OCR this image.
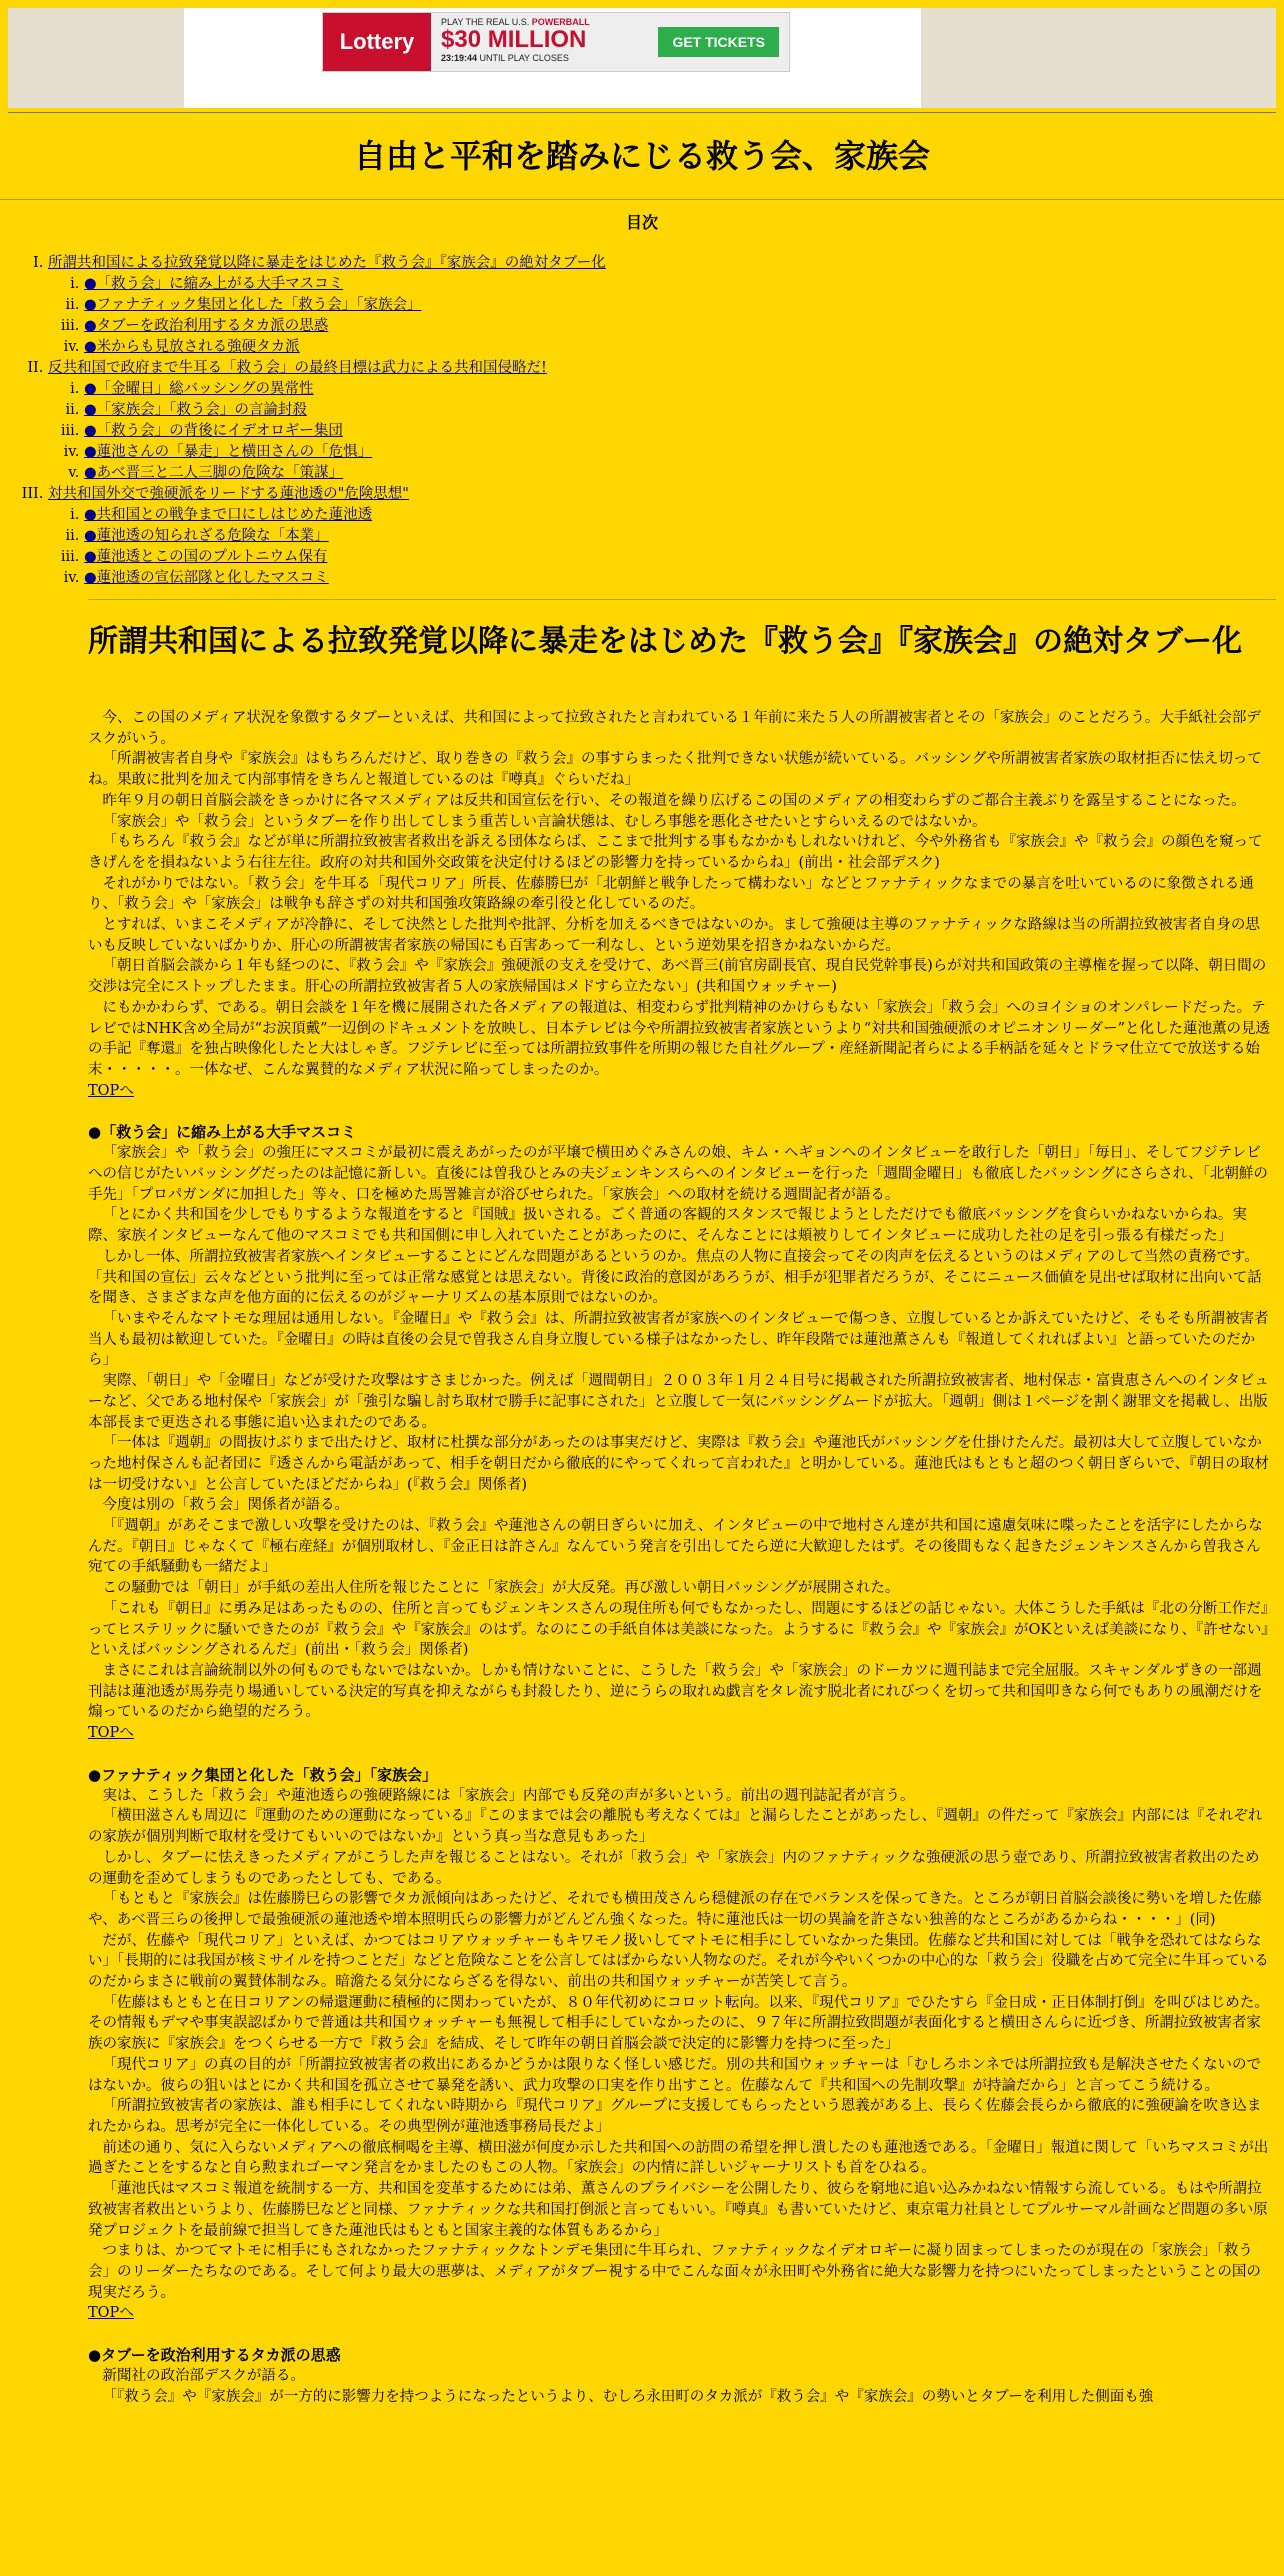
Lottery
PLAY THE REAL U.S. POWERBALL
$30 MILLION
23:19:44 UNTIL PLAY CLOSES
GET TICKETS
自由と平和を踏みにじる救う会、家族会
目次
I. 所謂共和国による拉致発覚以降に暴走をはじめた『救う会』『家族会』の絶対タブー化
i. ●「救う会」に縮み上がる大手マスコミ
ii. ●ファナティック集団と化した「救う会」「家族会」
iii. ●タブーを政治利用するタカ派の思惑
iv. ●米からも見放される強硬タカ派
II. 反共和国で政府まで牛耳る「救う会」の最終目標は武力による共和国侵略だ!
i. ●「金曜日」総バッシングの異常性
ii. ●「家族会」「救う会」の言論封殺
iii. ●「救う会」の背後にイデオロギー集団
iv. ●蓮池さんの「暴走」と横田さんの「危惧」
v. ●あべ晋三と二人三脚の危険な「策謀」
III. 対共和国外交で強硬派をリードする蓮池透の"危険思想"
i. ●共和国との戦争まで口にしはじめた蓮池透
ii. ●蓮池透の知られざる危険な「本業」
iii. ●蓮池透とこの国のプルトニウム保有
iv. ●蓮池透の宣伝部隊と化したマスコミ
所謂共和国による拉致発覚以降に暴走をはじめた『救う会』『家族会』の絶対タブー化

今、この国のメディア状況を象徴するタブーといえば、共和国によって拉致されたと言われている１年前に来た５人の所謂被害者とその「家族会」のことだろう。大手紙社会部デスクがいう。

「所謂被害者自身や『家族会』はもちろんだけど、取り巻きの『救う会』の事すらまったく批判できない状態が続いている。バッシングや所謂被害者家族の取材拒否に怯え切ってね。果敢に批判を加えて内部事情をきちんと報道しているのは『噂真』ぐらいだね」

昨年９月の朝日首脳会談をきっかけに各マスメディアは反共和国宣伝を行い、その報道を繰り広げるこの国のメディアの相変わらずのご都合主義ぶりを露呈することになった。

「家族会」や「救う会」というタブーを作り出してしまう重苦しい言論状態は、むしろ事態を悪化させたいとすらいえるのではないか。

「もちろん『救う会』などが単に所謂拉致被害者救出を訴える団体ならば、ここまで批判する事もなかかもしれないけれど、今や外務省も『家族会』や『救う会』の顔色を窺ってきげんをを損ねないよう右往左往。政府の対共和国外交政策を決定付けるほどの影響力を持っているからね」(前出・社会部デスク)

それがかりではない。「救う会」を牛耳る「現代コリア」所長、佐藤勝巳が「北朝鮮と戦争したって構わない」などとファナティックなまでの暴言を吐いているのに象徴される通り、「救う会」や「家族会」は戦争も辞さずの対共和国強攻策路線の牽引役と化しているのだ。

とすれば、いまこそメディアが冷静に、そして決然とした批判や批評、分析を加えるべきではないのか。まして強硬は主導のファナティックな路線は当の所謂拉致被害者自身の思いも反映していないばかりか、肝心の所謂被害者家族の帰国にも百害あって一利なし、という逆効果を招きかねないからだ。

「朝日首脳会談から１年も経つのに、『救う会』や『家族会』強硬派の支えを受けて、あべ晋三(前官房副長官、現自民党幹事長)らが対共和国政策の主導権を握って以降、朝日間の交渉は完全にストップしたまま。肝心の所謂拉致被害者５人の家族帰国はメドすら立たない」(共和国ウォッチャー)

にもかかわらず、である。朝日会談を１年を機に展開された各メディアの報道は、相変わらず批判精神のかけらもない「家族会」「救う会」へのヨイショのオンパレードだった。テレビではNHK含め全局が“お涙頂戴”一辺倒のドキュメントを放映し、日本テレビは今や所謂拉致被害者家族というより“対共和国強硬派のオピニオンリーダー”と化した蓮池薫の見透の手記『奪還』を独占映像化したと大はしゃぎ。フジテレビに至っては所謂拉致事件を所期の報じた自社グループ・産経新聞記者らによる手柄話を延々とドラマ仕立てで放送する始末・・・・・。一体なぜ、こんな翼賛的なメディア状況に陥ってしまったのか。

TOPへ
●「救う会」に縮み上がる大手マスコミ

「家族会」や「救う会」の強圧にマスコミが最初に震えあがったのが平壌で横田めぐみさんの娘、キム・ヘギョンへのインタビューを敢行した「朝日」「毎日」、そしてフジテレビへの信じがたいバッシングだったのは記憶に新しい。直後には曽我ひとみの夫ジェンキンスらへのインタビューを行った「週間金曜日」も徹底したバッシングにさらされ、「北朝鮮の手先」「プロパガンダに加担した」等々、口を極めた馬詈雑言が浴びせられた。「家族会」への取材を続ける週間記者が語る。

「とにかく共和国を少しでもりするような報道をすると『国賊』扱いされる。ごく普通の客観的スタンスで報じようとしただけでも徹底バッシングを食らいかねないからね。実際、家族インタビューなんて他のマスコミでも共和国側に申し入れていたことがあったのに、そんなことには頬被りしてインタビューに成功した社の足を引っ張る有様だった」

しかし一体、所謂拉致被害者家族へインタビューすることにどんな問題があるというのか。焦点の人物に直接会ってその肉声を伝えるというのはメディアのして当然の責務です。「共和国の宣伝」云々などという批判に至っては正常な感覚とは思えない。背後に政治的意図があろうが、相手が犯罪者だろうが、そこにニュース価値を見出せば取材に出向いて話を聞き、さまざまな声を他方面的に伝えるのがジャーナリズムの基本原則ではないのか。

「いまやそんなマトモな理屈は通用しない。『金曜日』や『救う会』は、所謂拉致被害者が家族へのインタビューで傷つき、立腹しているとか訴えていたけど、そもそも所謂被害者当人も最初は歓迎していた。『金曜日』の時は直後の会見で曽我さん自身立腹している様子はなかったし、昨年段階では蓮池薫さんも『報道してくれればよい』と語っていたのだから」

実際、「朝日」や「金曜日」などが受けた攻撃はすさまじかった。例えば「週間朝日」２００３年１月２４日号に掲載された所謂拉致被害者、地村保志・富貴恵さんへのインタビューなど、父である地村保や「家族会」が「強引な騙し討ち取材で勝手に記事にされた」と立腹して一気にバッシングムードが拡大。「週朝」側は１ページを割く謝罪文を掲載し、出版本部長まで更迭される事態に追い込まれたのである。

「一体は『週朝』の間抜けぶりまで出たけど、取材に杜撰な部分があったのは事実だけど、実際は『救う会』や蓮池氏がバッシングを仕掛けたんだ。最初は大して立腹していなかった地村保さんも記者団に『透さんから電話があって、相手を朝日だから徹底的にやってくれって言われた』と明かしている。蓮池氏はもともと超のつく朝日ぎらいで、『朝日の取材は一切受けない』と公言していたほどだからね」(『救う会』関係者)

今度は別の「救う会」関係者が語る。

「『週朝』があそこまで激しい攻撃を受けたのは、『救う会』や蓮池さんの朝日ぎらいに加え、インタビューの中で地村さん達が共和国に遠慮気味に喋ったことを活字にしたからなんだ。『朝日』じゃなくて『極右産経』が個別取材し、『金正日は許さん』なんていう発言を引出してたら逆に大歓迎したはず。その後間もなく起きたジェンキンスさんから曽我さん宛ての手紙騒動も一緒だよ」

この騒動では「朝日」が手紙の差出人住所を報じたことに「家族会」が大反発。再び激しい朝日バッシングが展開された。

「これも『朝日』に勇み足はあったものの、住所と言ってもジェンキンスさんの現住所も何でもなかったし、問題にするほどの話じゃない。大体こうした手紙は『北の分断工作だ』ってヒステリックに騒いできたのが『救う会』や『家族会』のはず。なのにこの手紙自体は美談になった。ようするに『救う会』や『家族会』がOKといえば美談になり、『許せない』といえばバッシングされるんだ」(前出・「救う会」関係者)

まさにこれは言論統制以外の何ものでもないではないか。しかも情けないことに、こうした「救う会」や「家族会」のドーカツに週刊誌まで完全屈服。スキャンダルずきの一部週刊誌は蓮池透が馬券売り場通いしている決定的写真を抑えながらも封殺したり、逆にうらの取れぬ戯言をタレ流す脱北者にれびつくを切って共和国叩きなら何でもありの風潮だけを煽っているのだから絶望的だろう。

TOPへ
●ファナティック集団と化した「救う会」「家族会」

実は、こうした「救う会」や蓮池透らの強硬路線には「家族会」内部でも反発の声が多いという。前出の週刊誌記者が言う。

「横田滋さんも周辺に『運動のための運動になっている』『このままでは会の離脱も考えなくては』と漏らしたことがあったし、『週朝』の件だって『家族会』内部には『それぞれの家族が個別判断で取材を受けてもいいのではないか』という真っ当な意見もあった」

しかし、タブーに怯えきったメディアがこうした声を報じることはない。それが「救う会」や「家族会」内のファナティックな強硬派の思う壺であり、所謂拉致被害者救出のための運動を歪めてしまうものであったとしても、である。

「もともと『家族会』は佐藤勝巳らの影響でタカ派傾向はあったけど、それでも横田茂さんら穏健派の存在でバランスを保ってきた。ところが朝日首脳会談後に勢いを増した佐藤や、あべ晋三らの後押しで最強硬派の蓮池透や増本照明氏らの影響力がどんどん強くなった。特に蓮池氏は一切の異論を許さない独善的なところがあるからね・・・・」(同)

だが、佐藤や「現代コリア」といえば、かつてはコリアウォッチャーもキワモノ扱いしてマトモに相手にしていなかった集団。佐藤など共和国に対しては「戦争を恐れてはならない」「長期的には我国が核ミサイルを持つことだ」などと危険なことを公言してはばからない人物なのだ。それが今やいくつかの中心的な「救う会」役職を占めて完全に牛耳っているのだからまさに戦前の翼賛体制なみ。暗澹たる気分にならざるを得ない、前出の共和国ウォッチャーが苦笑して言う。

「佐藤はもともと在日コリアンの帰還運動に積極的に関わっていたが、８０年代初めにコロット転向。以来、『現代コリア』でひたすら『金日成・正日体制打倒』を叫びはじめた。その情報もデマや事実誤認ばかりで普通は共和国ウォッチャーも無視して相手にしていなかったのに、９７年に所謂拉致問題が表面化すると横田さんらに近づき、所謂拉致被害者家族の家族に『家族会』をつくらせる一方で『救う会』を結成、そして昨年の朝日首脳会談で決定的に影響力を持つに至った」

「現代コリア」の真の目的が「所謂拉致被害者の救出にあるかどうかは限りなく怪しい感じだ。別の共和国ウォッチャーは「むしろホンネでは所謂拉致も是解決させたくないのではないか。彼らの狙いはとにかく共和国を孤立させて暴発を誘い、武力攻撃の口実を作り出すこと。佐藤なんて『共和国への先制攻撃』が持論だから」と言ってこう続ける。

「所謂拉致被害者の家族は、誰も相手にしてくれない時期から『現代コリア』グループに支援してもらったという恩義がある上、長らく佐藤会長らから徹底的に強硬論を吹き込まれたからね。思考が完全に一体化している。その典型例が蓮池透事務局長だよ」

前述の通り、気に入らないメディアへの徹底桐喝を主導、横田滋が何度か示した共和国への訪問の希望を押し潰したのも蓮池透である。「金曜日」報道に関して「いちマスコミが出過ぎたことをするなと自ら勲まれゴーマン発言をかましたのもこの人物。「家族会」の内情に詳しいジャーナリストも首をひねる。

「蓮池氏はマスコミ報道を統制する一方、共和国を変革するためには弟、薫さんのプライバシーを公開したり、彼らを窮地に追い込みかねない情報すら流している。もはや所謂拉致被害者救出というより、佐藤勝巳などと同様、ファナティックな共和国打倒派と言ってもいい。『噂真』も書いていたけど、東京電力社員としてプルサーマル計画など問題の多い原発プロジェクトを最前線で担当してきた蓮池氏はもともと国家主義的な体質もあるから」

つまりは、かつてマトモに相手にもされなかったファナティックなトンデモ集団に牛耳られ、ファナティックなイデオロギーに凝り固まってしまったのが現在の「家族会」「救う会」のリーダーたちなのである。そして何より最大の悪夢は、メディアがタブー視する中でこんな面々が永田町や外務省に絶大な影響力を持つにいたってしまったということの国の現実だろう。

TOPへ
●タブーを政治利用するタカ派の思惑

新聞社の政治部デスクが語る。

「『救う会』や『家族会』が一方的に影響力を持つようになったというより、むしろ永田町のタカ派が『救う会』や『家族会』の勢いとタブーを利用した側面も強
